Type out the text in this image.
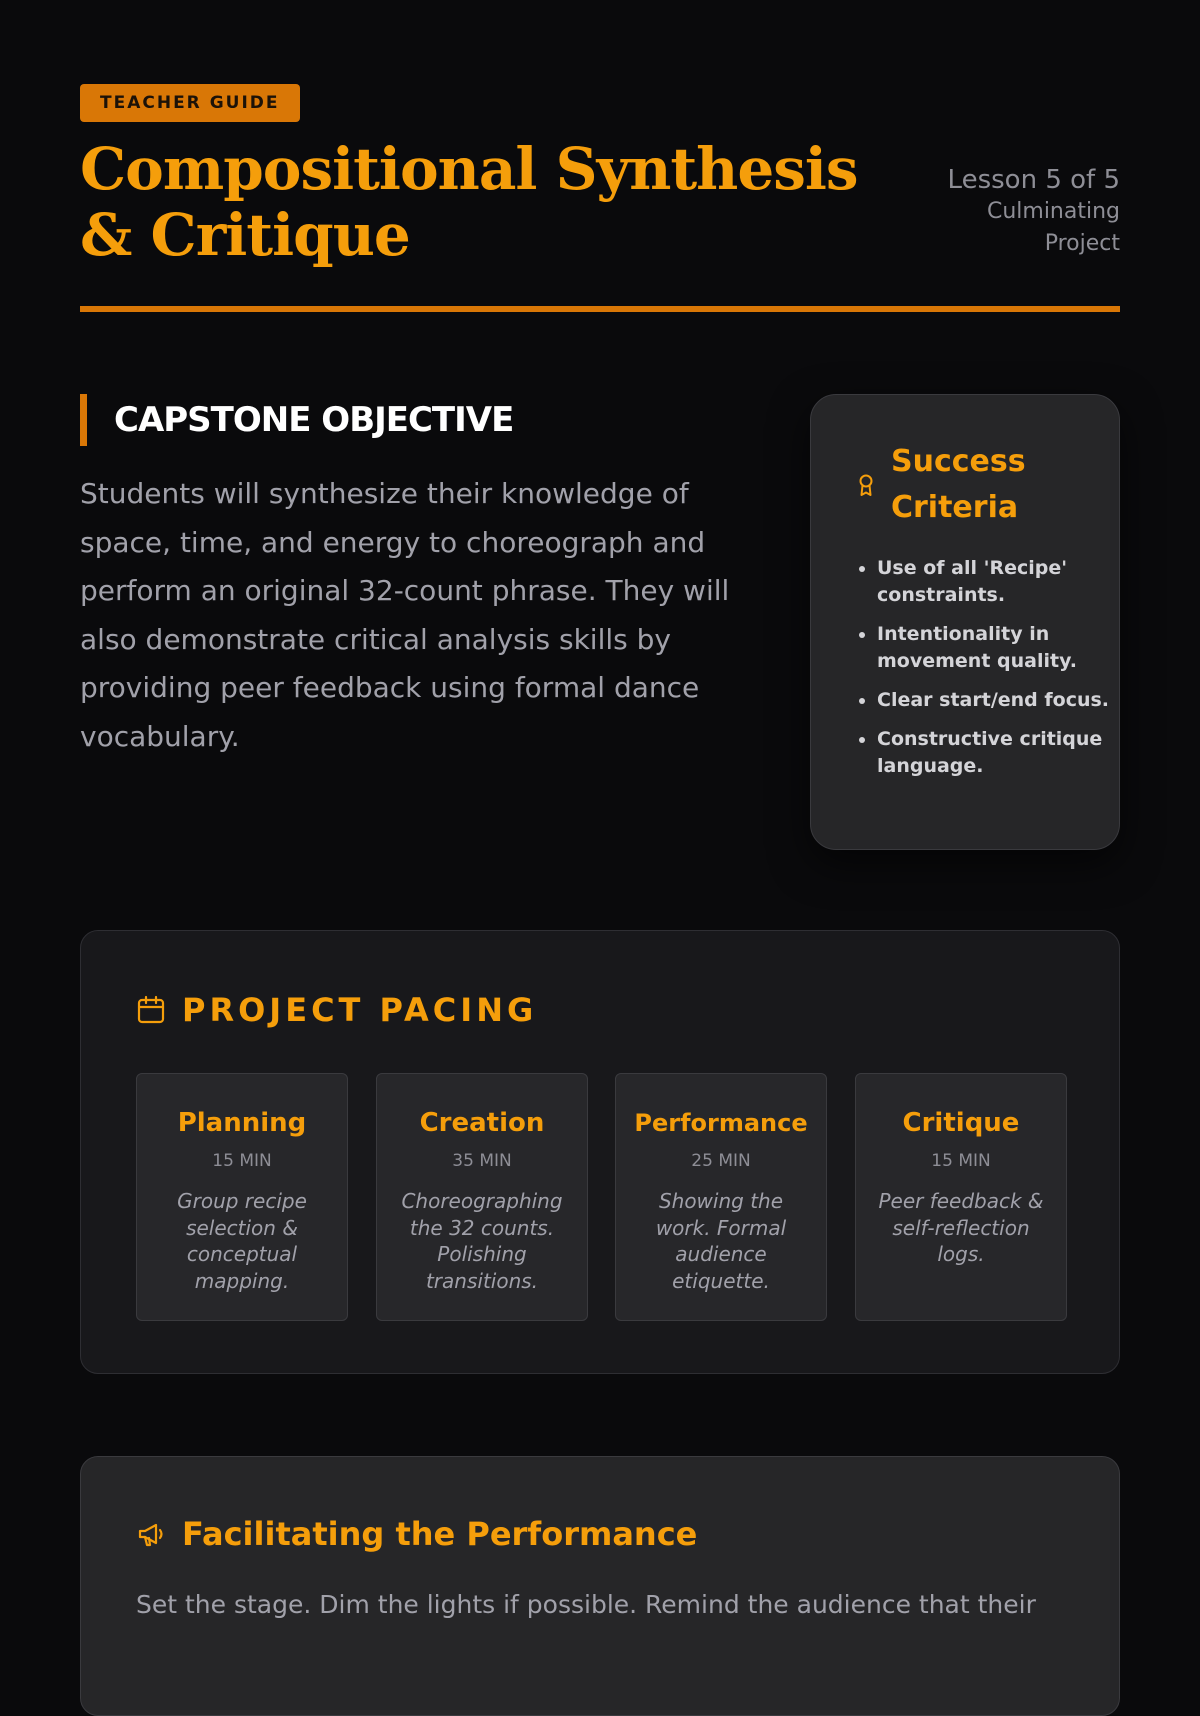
TEACHER GUIDE
Compositional Synthesis & Critique
Lesson 5 of 5
Culminating Project
CAPSTONE OBJECTIVE

Students will synthesize their knowledge of space, time, and energy to choreograph and perform an original 32-count phrase. They will also demonstrate critical analysis skills by providing peer feedback using formal dance vocabulary.

Success Criteria
• Use of all 'Recipe' constraints.
• Intentionality in movement quality.
• Clear start/end focus.
• Constructive critique language.
PROJECT PACING
Planning
15 MIN
Group recipe selection & conceptual mapping.
Creation
35 MIN
Choreographing the 32 counts. Polishing transitions.
Performance
25 MIN
Showing the work. Formal audience etiquette.
Critique
15 MIN
Peer feedback & self-reflection logs.
Facilitating the Performance

Set the stage. Dim the lights if possible. Remind the audience that their
